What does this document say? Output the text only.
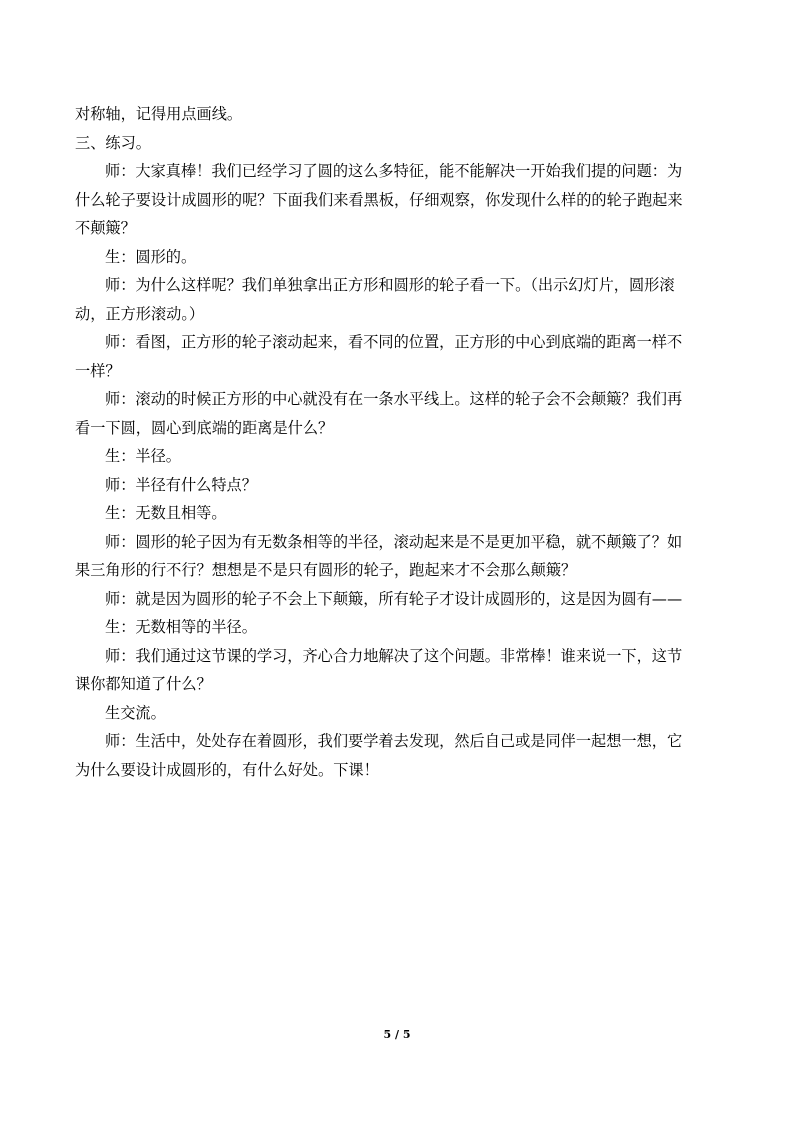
对称轴，记得用点画线。
三、练习。
师：大家真棒！我们已经学习了圆的这么多特征，能不能解决一开始我们提的问题：为
什么轮子要设计成圆形的呢？下面我们来看黑板，仔细观察，你发现什么样的的轮子跑起来
不颠簸？
生：圆形的。
师：为什么这样呢？我们单独拿出正方形和圆形的轮子看一下。（出示幻灯片，圆形滚
动，正方形滚动。）
师：看图，正方形的轮子滚动起来，看不同的位置，正方形的中心到底端的距离一样不
一样？
师：滚动的时候正方形的中心就没有在一条水平线上。这样的轮子会不会颠簸？我们再
看一下圆，圆心到底端的距离是什么？
生：半径。
师：半径有什么特点？
生：无数且相等。
师：圆形的轮子因为有无数条相等的半径，滚动起来是不是更加平稳，就不颠簸了？如
果三角形的行不行？想想是不是只有圆形的轮子，跑起来才不会那么颠簸？
师：就是因为圆形的轮子不会上下颠簸，所有轮子才设计成圆形的，这是因为圆有——
生：无数相等的半径。
师：我们通过这节课的学习，齐心合力地解决了这个问题。非常棒！谁来说一下，这节
课你都知道了什么？
生交流。
师：生活中，处处存在着圆形，我们要学着去发现，然后自己或是同伴一起想一想，它
为什么要设计成圆形的，有什么好处。下课！
5 / 5
